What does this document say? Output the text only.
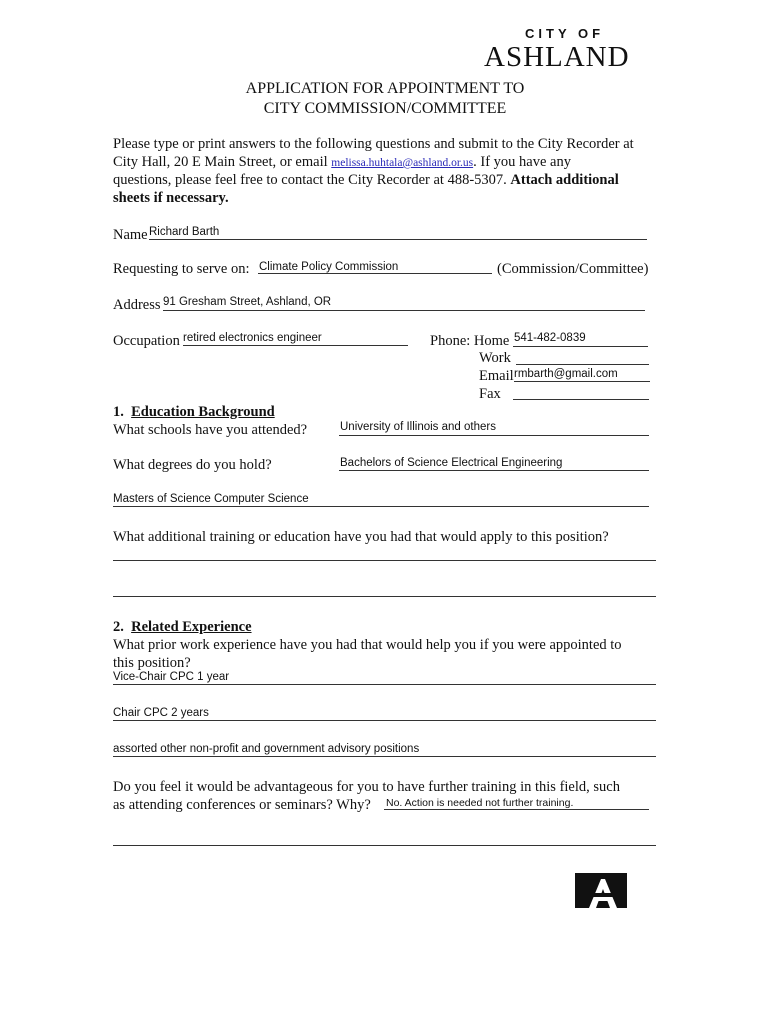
CITY OF
ASHLAND
APPLICATION FOR APPOINTMENT TO
CITY COMMISSION/COMMITTEE
Please type or print answers to the following questions and submit to the City Recorder at
City Hall, 20 E Main Street, or email melissa.huhtala@ashland.or.us. If you have any
questions, please feel free to contact the City Recorder at 488-5307. Attach additional
sheets if necessary.
Name Richard Barth
Requesting to serve on: Climate Policy Commission	(Commission/Committee)
Address 91 Gresham Street, Ashland, OR
Occupation retired electronics engineer	Phone: Home 541-482-0839
Work
Email rmbarth@gmail.com
Fax
1. Education Background
What schools have you attended?	University of Illinois and others
What degrees do you hold?	Bachelors of Science Electrical Engineering
Masters of Science Computer Science
What additional training or education have you had that would apply to this position?
2. Related Experience
What prior work experience have you had that would help you if you were appointed to
this position?
Vice-Chair CPC 1 year
Chair CPC 2 years
assorted other non-profit and government advisory positions
Do you feel it would be advantageous for you to have further training in this field, such
as attending conferences or seminars? Why? No. Action is needed not further training.
